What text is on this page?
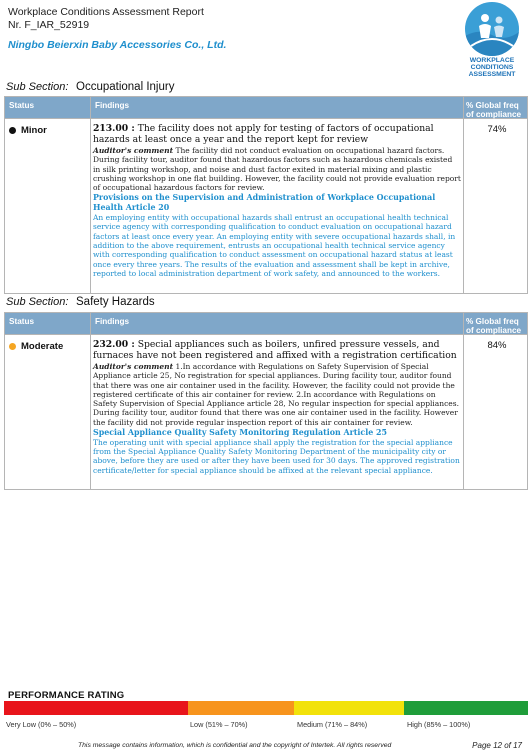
Workplace Conditions Assessment Report
Nr. F_IAR_52919
Ningbo Beierxin Baby Accessories Co., Ltd.
WORKPLACE
CONDITIONS
ASSESSMENT
Sub Section: Occupational Injury
Status	Findings	% Global freq of compliance
Minor	213.00 : The facility does not apply for testing of factors of occupational hazards at least once a year and the report kept for review
Auditor's comment The facility did not conduct evaluation on occupational hazard factors. During facility tour, auditor found that hazardous factors such as hazardous chemicals existed in silk printing workshop, and noise and dust factor exited in material mixing and plastic crushing workshop in one flat building. However, the facility could not provide evaluation report of occupational hazardous factors for review.
Provisions on the Supervision and Administration of Workplace Occupational Health Article 20
An employing entity with occupational hazards shall entrust an occupational health technical service agency with corresponding qualification to conduct evaluation on occupational hazard factors at least once every year. An employing entity with severe occupational hazards shall, in addition to the above requirement, entrusts an occupational health technical service agency with corresponding qualification to conduct assessment on occupational hazard status at least once every three years. The results of the evaluation and assessment shall be kept in archive, reported to local administration department of work safety, and announced to the workers.
74%
Sub Section: Safety Hazards
Status	Findings	% Global freq of compliance
Moderate	232.00 : Special appliances such as boilers, unfired pressure vessels, and furnaces have not been registered and affixed with a registration certification
Auditor's comment 1.In accordance with Regulations on Safety Supervision of Special Appliance article 25, No registration for special appliances. During facility tour, auditor found that there was one air container used in the facility. However, the facility could not provide the registered certificate of this air container for review. 2.In accordance with Regulations on Safety Supervision of Special Appliance article 28, No regular inspection for special appliances. During facility tour, auditor found that there was one air container used in the facility. However the facility did not provide regular inspection report of this air container for review.
Special Appliance Quality Safety Monitoring Regulation Article 25
The operating unit with special appliance shall apply the registration for the special appliance from the Special Appliance Quality Safety Monitoring Department of the municipality city or above, before they are used or after they have been used for 30 days. The approved registration certificate/letter for special appliance should be affixed at the relevant special appliance.
84%
PERFORMANCE RATING
Very Low (0% – 50%)	Low (51% – 70%)	Medium (71% – 84%)	High (85% – 100%)
This message contains information, which is confidential and the copyright of Intertek. All rights reserved	Page 12 of 17
